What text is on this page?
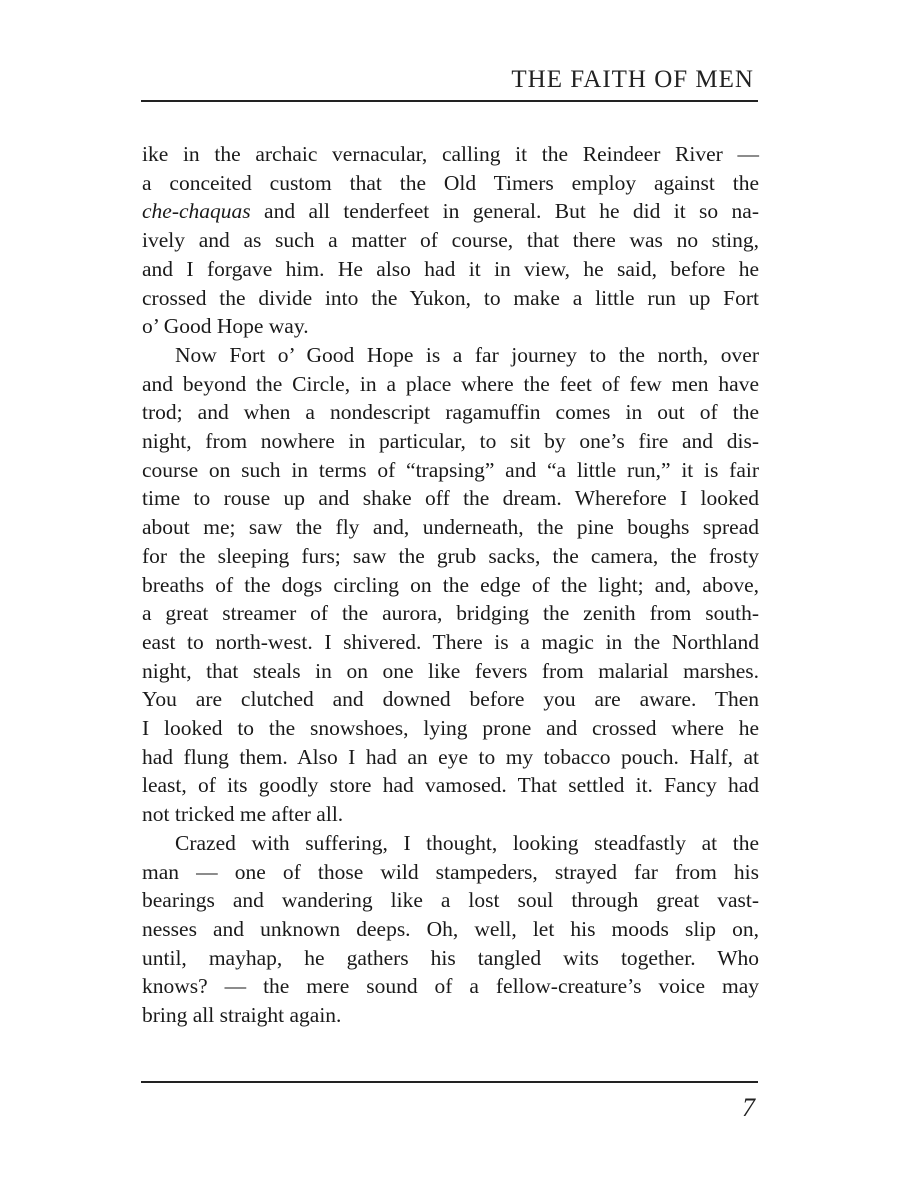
THE FAITH OF MEN
ike in the archaic vernacular, calling it the Reindeer River —
a conceited custom that the Old Timers employ against the
che-chaquas and all tenderfeet in general. But he did it so na-
ively and as such a matter of course, that there was no sting,
and I forgave him. He also had it in view, he said, before he
crossed the divide into the Yukon, to make a little run up Fort
o’ Good Hope way.
Now Fort o’ Good Hope is a far journey to the north, over
and beyond the Circle, in a place where the feet of few men have
trod; and when a nondescript ragamuffin comes in out of the
night, from nowhere in particular, to sit by one’s fire and dis-
course on such in terms of “trapsing” and “a little run,” it is fair
time to rouse up and shake off the dream. Wherefore I looked
about me; saw the fly and, underneath, the pine boughs spread
for the sleeping furs; saw the grub sacks, the camera, the frosty
breaths of the dogs circling on the edge of the light; and, above,
a great streamer of the aurora, bridging the zenith from south-
east to north-west. I shivered. There is a magic in the Northland
night, that steals in on one like fevers from malarial marshes.
You are clutched and downed before you are aware. Then
I looked to the snowshoes, lying prone and crossed where he
had flung them. Also I had an eye to my tobacco pouch. Half, at
least, of its goodly store had vamosed. That settled it. Fancy had
not tricked me after all.
Crazed with suffering, I thought, looking steadfastly at the
man — one of those wild stampeders, strayed far from his
bearings and wandering like a lost soul through great vast-
nesses and unknown deeps. Oh, well, let his moods slip on,
until, mayhap, he gathers his tangled wits together. Who
knows? — the mere sound of a fellow-creature’s voice may
bring all straight again.
7
